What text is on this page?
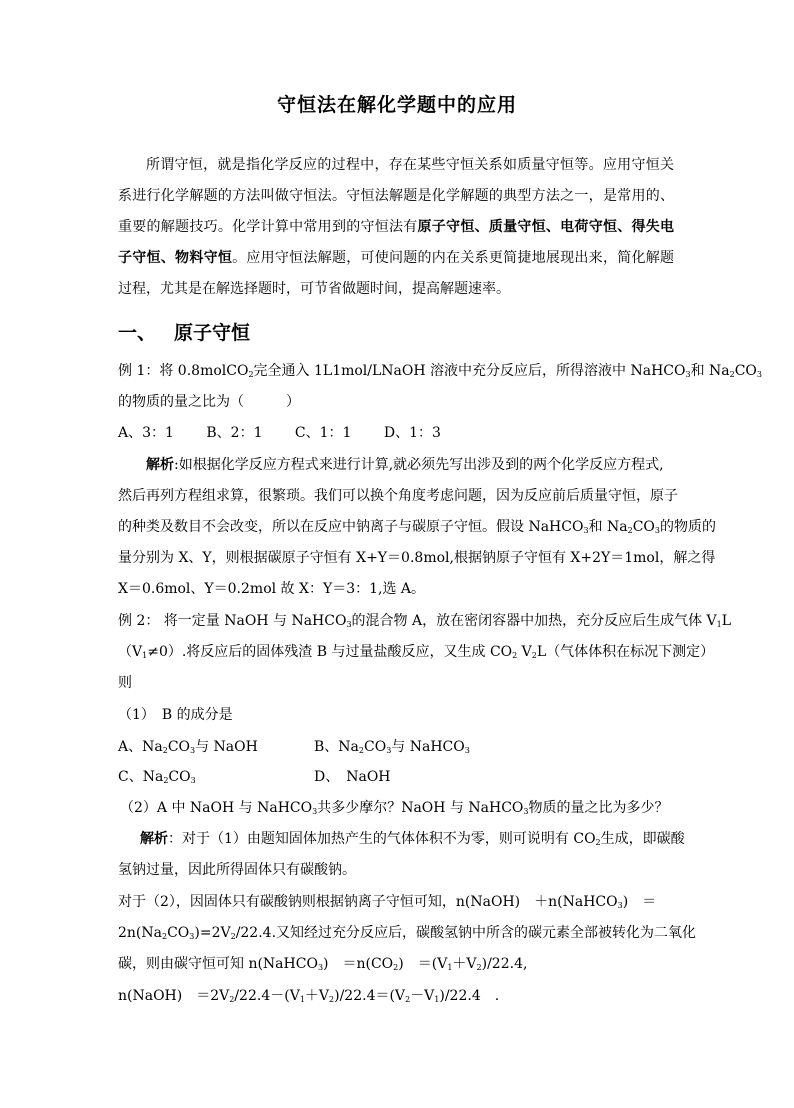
守恒法在解化学题中的应用
所谓守恒，就是指化学反应的过程中，存在某些守恒关系如质量守恒等。应用守恒关系进行化学解题的方法叫做守恒法。守恒法解题是化学解题的典型方法之一，是常用的、重要的解题技巧。化学计算中常用到的守恒法有原子守恒、质量守恒、电荷守恒、得失电子守恒、物料守恒。应用守恒法解题，可使问题的内在关系更简捷地展现出来，简化解题过程，尤其是在解选择题时，可节省做题时间，提高解题速率。
一、 原子守恒
例 1：将 0.8molCO$_2$完全通入 1L1mol/LNaOH 溶液中充分反应后，所得溶液中 NaHCO$_3$和 $Na_2CO_3$
的物质的量之比为（　　　）
A、3：1　　 B、2：1　　 C、1：1　　 D、1：3
解析:如根据化学反应方程式来进行计算,就必须先写出涉及到的两个化学反应方程式,
然后再列方程组求算，很繁琐。我们可以换个角度考虑问题，因为反应前后质量守恒，原子
的种类及数目不会改变，所以在反应中钠离子与碳原子守恒。假设 NaHCO$_3$和 $Na_2CO_3$的物质的
量分别为 X、Y，则根据碳原子守恒有 X+Y＝0.8mol,根据钠原子守恒有 X+2Y＝1mol，解之得
X＝0.6mol、Y＝0.2mol 故 X：Y＝3：1,选 A。
例 2： 将一定量 NaOH 与 NaHCO$_3$的混合物 A，放在密闭容器中加热，充分反应后生成气体 $V_1L$
$(V_1\ne 0)$.将反应后的固体残渣 B 与过量盐酸反应，又生成 $CO_2$ $V_2L$（气体体积在标况下测定）
则
（1）　B 的成分是
A、$Na_2CO_3$与 NaOH	B、$Na_2CO_3$与 NaHCO$_3$
C、$Na_2CO_3$	D、　NaOH
（2）A 中 NaOH 与 NaHCO$_3$共多少摩尔？NaOH 与 NaHCO$_3$物质的量之比为多少？
解析：对于（1）由题知固体加热产生的气体体积不为零，则可说明有 $CO_2$生成，即碳酸
氢钠过量，因此所得固体只有碳酸钠。
对于（2），因固体只有碳酸钠则根据钠离子守恒可知，n(NaOH)　＋n(NaHCO$_3$)　＝
$2n(Na_2CO_3)=2V_2/22.4$.又知经过充分反应后，碳酸氢钠中所含的碳元素全部被转化为二氧化
碳，则由碳守恒可知 n(NaHCO$_3$)　$=n(CO_2)$　$=(V_1+V_2)/22.4$,
n(NaOH)　$=2V_2/22.4-(V_1+V_2)/22.4=(V_2-V_1)/22.4$　.
